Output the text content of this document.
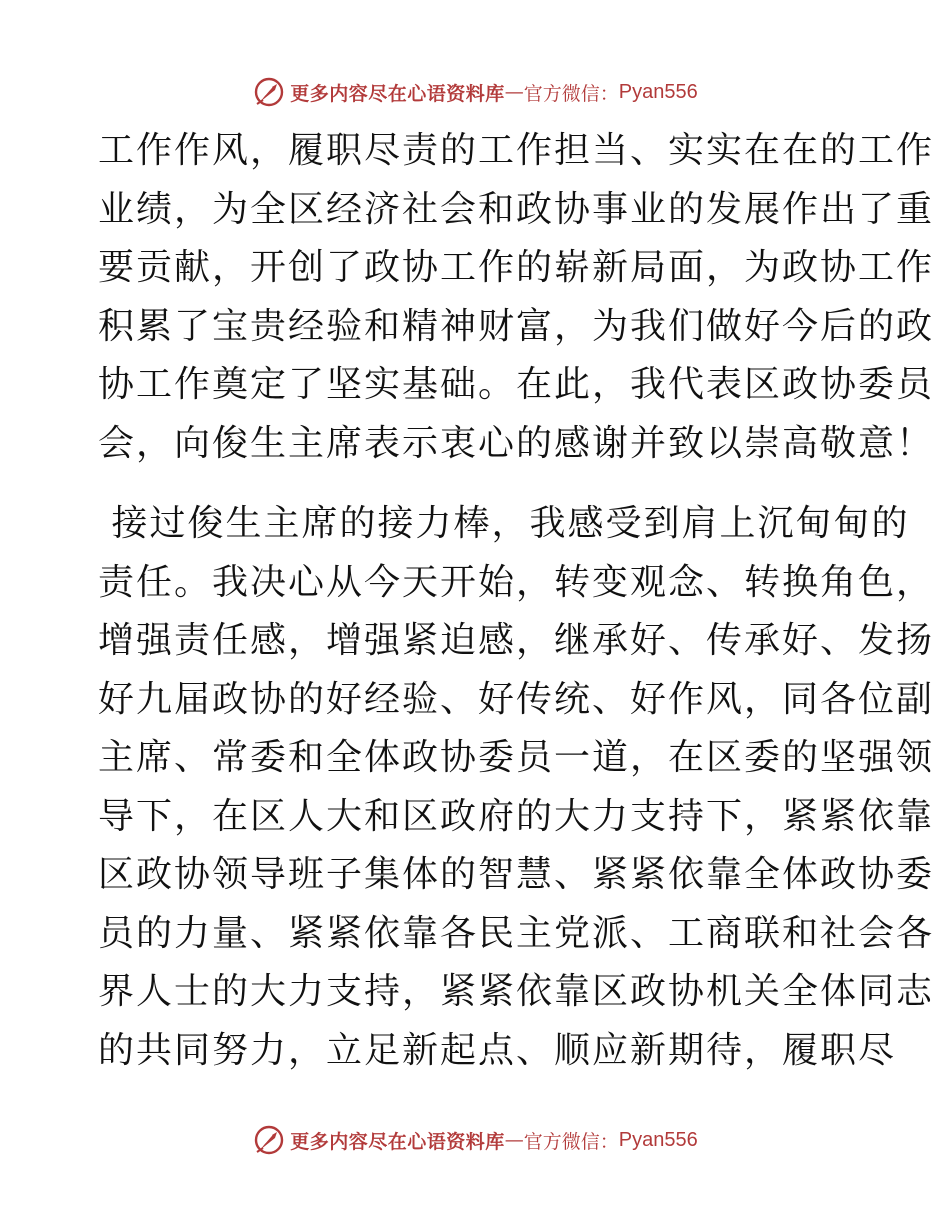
更多内容尽在心语资料库 — 官方微信： Pyan556
工作作风，履职尽责的工作担当、实实在在的工作
业绩，为全区经济社会和政协事业的发展作出了重
要贡献，开创了政协工作的崭新局面，为政协工作
积累了宝贵经验和精神财富，为我们做好今后的政
协工作奠定了坚实基础。在此，我代表区政协委员
会，向俊生主席表示衷心的感谢并致以崇高敬意！
接过俊生主席的接力棒，我感受到肩上沉甸甸的
责任。我决心从今天开始，转变观念、转换角色，
增强责任感，增强紧迫感，继承好、传承好、发扬
好九届政协的好经验、好传统、好作风，同各位副
主席、常委和全体政协委员一道，在区委的坚强领
导下，在区人大和区政府的大力支持下，紧紧依靠
区政协领导班子集体的智慧、紧紧依靠全体政协委
员的力量、紧紧依靠各民主党派、工商联和社会各
界人士的大力支持，紧紧依靠区政协机关全体同志
的共同努力，立足新起点、顺应新期待，履职尽
更多内容尽在心语资料库 — 官方微信： Pyan556
